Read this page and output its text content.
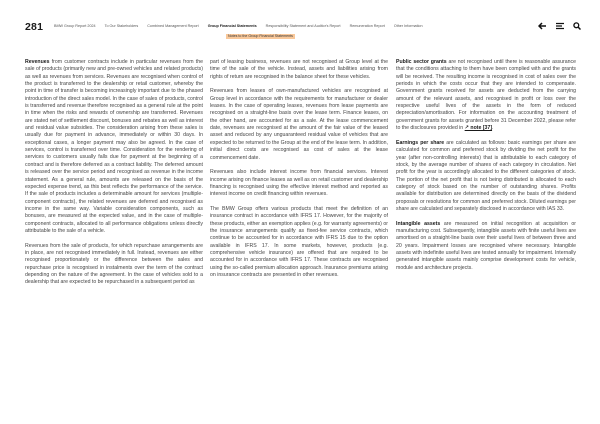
281	BMW Group Report 2024 To Our Stakeholders Combined Management Report Group Financial Statements Responsibility Statement and Auditor's Report Remuneration Report Other Information
Notes to the Group Financial Statements

Revenues from customer contracts include in particular revenues from the sale of products (primarily new and pre-owned vehicles and related products) as well as revenues from services. Revenues are recognised when control of the product is transferred to the dealership or retail customer, whereby the point in time of transfer is becoming increasingly important due to the phased introduction of the direct sales model. In the case of sales of products, control is transferred and revenue therefore recognised as a general rule at the point in time when the risks and rewards of ownership are transferred. Revenues are stated net of settlement discount, bonuses and rebates as well as interest and residual value subsidies. The consideration arising from these sales is usually due for payment in advance, immediately or within 30 days. In exceptional cases, a longer payment may also be agreed. In the case of services, control is transferred over time. Consideration for the rendering of services to customers usually falls due for payment at the beginning of a contract and is therefore deferred as a contract liability. The deferred amount is released over the service period and recognised as revenue in the income statement. As a general rule, amounts are released on the basis of the expected expense trend, as this best reflects the performance of the service. If the sale of products includes a determinable amount for services (multiple-component contracts), the related revenues are deferred and recognised as income in the same way. Variable consideration components, such as bonuses, are measured at the expected value, and in the case of multiple-component contracts, allocated to all performance obligations unless directly attributable to the sale of a vehicle.

Revenues from the sale of products, for which repurchase arrangements are in place, are not recognised immediately in full. Instead, revenues are either recognised proportionately or the difference between the sales and repurchase price is recognised in instalments over the term of the contract depending on the nature of the agreement. In the case of vehicles sold to a dealership that are expected to be repurchased in a subsequent period as

part of leasing business, revenues are not recognised at Group level at the time of the sale of the vehicle. Instead, assets and liabilities arising from rights of return are recognised in the balance sheet for these vehicles.

Revenues from leases of own-manufactured vehicles are recognised at Group level in accordance with the requirements for manufacturer or dealer leases. In the case of operating leases, revenues from lease payments are recognised on a straight-line basis over the lease term. Finance leases, on the other hand, are accounted for as a sale. At the lease commencement date, revenues are recognised at the amount of the fair value of the leased asset and reduced by any unguaranteed residual value of vehicles that are expected to be returned to the Group at the end of the lease term. In addition, initial direct costs are recognised as cost of sales at the lease commencement date.

Revenues also include interest income from financial services. Interest income arising on finance leases as well as on retail customer and dealership financing is recognised using the effective interest method and reported as interest income on credit financing within revenues.

The BMW Group offers various products that meet the definition of an insurance contract in accordance with IFRS 17. However, for the majority of these products, either an exemption applies (e.g. for warranty agreements) or the insurance arrangements qualify as fixed-fee service contracts, which continue to be accounted for in accordance with IFRS 15 due to the option available in IFRS 17. In some markets, however, products (e.g. comprehensive vehicle insurance) are offered that are required to be accounted for in accordance with IFRS 17. These contracts are recognised using the so-called premium allocation approach. Insurance premiums arising on insurance contracts are presented in other revenues.

Public sector grants are not recognised until there is reasonable assurance that the conditions attaching to them have been complied with and the grants will be received. The resulting income is recognised in cost of sales over the periods in which the costs occur that they are intended to compensate. Government grants received for assets are deducted from the carrying amount of the relevant assets, and recognised in profit or loss over the respective useful lives of the assets in the form of reduced depreciation/amortisation. For information on the accounting treatment of government grants for assets granted before 31 December 2022, please refer to the disclosures provided in ↗ note [37].

Earnings per share are calculated as follows: basic earnings per share are calculated for common and preferred stock by dividing the net profit for the year (after non-controlling interests) that is attributable to each category of stock, by the average number of shares of each category in circulation. Net profit for the year is accordingly allocated to the different categories of stock. The portion of the net profit that is not being distributed is allocated to each category of stock based on the number of outstanding shares. Profits available for distribution are determined directly on the basis of the dividend proposals or resolutions for common and preferred stock. Diluted earnings per share are calculated and separately disclosed in accordance with IAS 33.

Intangible assets are measured on initial recognition at acquisition or manufacturing cost. Subsequently, intangible assets with finite useful lives are amortised on a straight-line basis over their useful lives of between three and 20 years. Impairment losses are recognised where necessary. Intangible assets with indefinite useful lives are tested annually for impairment. Internally generated intangible assets mainly comprise development costs for vehicle, module and architecture projects.
